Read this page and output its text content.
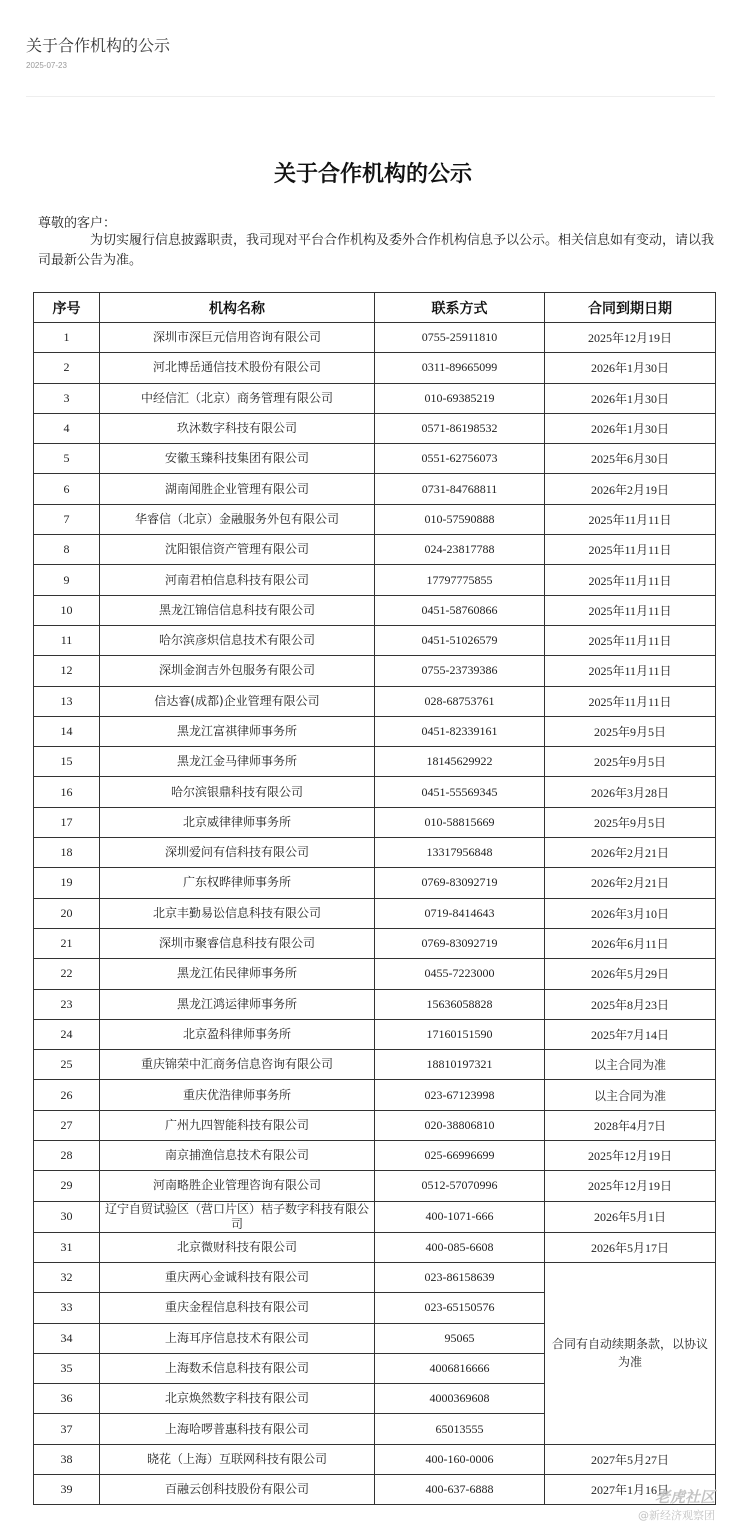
关于合作机构的公示
2025-07-23
关于合作机构的公示
尊敬的客户：

为切实履行信息披露职责，我司现对平台合作机构及委外合作机构信息予以公示。相关信息如有变动，请以我司最新公告为准。

序号	机构名称	联系方式	合同到期日期
1	深圳市深巨元信用咨询有限公司	0755-25911810	2025年12月19日
2	河北博岳通信技术股份有限公司	0311-89665099	2026年1月30日
3	中经信汇（北京）商务管理有限公司	010-69385219	2026年1月30日
4	玖沐数字科技有限公司	0571-86198532	2026年1月30日
5	安徽玉臻科技集团有限公司	0551-62756073	2025年6月30日
6	湖南闻胜企业管理有限公司	0731-84768811	2026年2月19日
7	华睿信（北京）金融服务外包有限公司	010-57590888	2025年11月11日
8	沈阳银信资产管理有限公司	024-23817788	2025年11月11日
9	河南君柏信息科技有限公司	17797775855	2025年11月11日
10	黑龙江锦信信息科技有限公司	0451-58760866	2025年11月11日
11	哈尔滨彦炽信息技术有限公司	0451-51026579	2025年11月11日
12	深圳金润吉外包服务有限公司	0755-23739386	2025年11月11日
13	信达睿(成都)企业管理有限公司	028-68753761	2025年11月11日
14	黑龙江富祺律师事务所	0451-82339161	2025年9月5日
15	黑龙江金马律师事务所	18145629922	2025年9月5日
16	哈尔滨银鼎科技有限公司	0451-55569345	2026年3月28日
17	北京威律律师事务所	010-58815669	2025年9月5日
18	深圳爱问有信科技有限公司	13317956848	2026年2月21日
19	广东权晔律师事务所	0769-83092719	2026年2月21日
20	北京丰勤易讼信息科技有限公司	0719-8414643	2026年3月10日
21	深圳市聚睿信息科技有限公司	0769-83092719	2026年6月11日
22	黑龙江佑民律师事务所	0455-7223000	2026年5月29日
23	黑龙江鸿运律师事务所	15636058828	2025年8月23日
24	北京盈科律师事务所	17160151590	2025年7月14日
25	重庆锦荣中汇商务信息咨询有限公司	18810197321	以主合同为准
26	重庆优浩律师事务所	023-67123998	以主合同为准
27	广州九四智能科技有限公司	020-38806810	2028年4月7日
28	南京捕渔信息技术有限公司	025-66996699	2025年12月19日
29	河南略胜企业管理咨询有限公司	0512-57070996	2025年12月19日
30	辽宁自贸试验区（营口片区）桔子数字科技有限公司	400-1071-666	2026年5月1日
31	北京微财科技有限公司	400-085-6608	2026年5月17日
32	重庆两心金诚科技有限公司	023-86158639	合同有自动续期条款，以协议为准
33	重庆金程信息科技有限公司	023-65150576	
34	上海耳序信息技术有限公司	95065	
35	上海数禾信息科技有限公司	4006816666	
36	北京焕然数字科技有限公司	4000369608	
37	上海哈啰普惠科技有限公司	65013555	
38	晓花（上海）互联网科技有限公司	400-160-0006	2027年5月27日
39	百融云创科技股份有限公司	400-637-6888	2027年1月16日
老虎社区
@新经济观察团
